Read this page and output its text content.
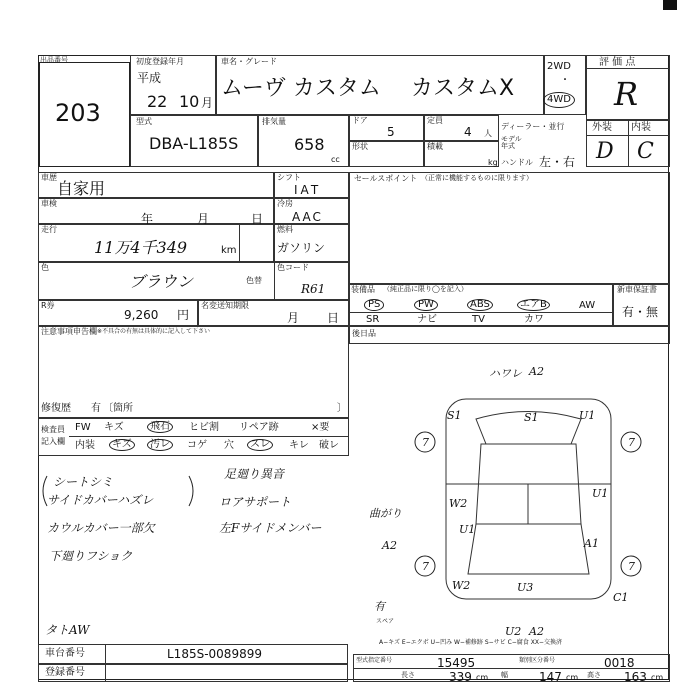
出品番号
203
初度登録年月
平成
22 10 月
車名・グレード
ムーヴ カスタム カスタムX
2WD
・
4WD
評 価 点
R
型式
DBA-L185S
排気量
658
cc
ドア
5
定員
4 人
ディーラー・並行
モデル年式
形状	積載
kg ハンドル 左・右
外装 内装
D C
車歴
自家用
車検
年	月	日
走行
11万4千349	km
色
ブラウン	色替
色コード
R61
R券
9,260 円
名変送知期限
月 日
シフト
IAT
冷房
AAC
燃料
ガソリン
セールスポイント （正常に機能するものに限ります）
装備品 （純正品に限り◯を記入）
PS	PW	ABS	エアB	AW
SR	ナビ	TV	カワ
新車保証書
有・無
後日品
注意事項申告欄 ※不具合の有無は具体的に記入して下さい
修復歴 有 〔箇所	〕
検査員
記入欄
FW キズ	飛石	ヒビ割 リペア跡	×要
内装	キズ	汚レ	コゲ 穴	スレ	キレ 破レ
シートシミ
サイドカバーハズレ
カウルカバー一部欠
下廻りフショク
足廻り異音
ロアサポート
左Fサイドメンバー
曲がり
タトAW
ハワレ A2
S1	S1	U1
7	7
U1
W2
U1
A2	A1
7	7
W2	U3
U2 A2
C1
有
スペア
A−キズ E−エクボ U−凹み W−補修跡 S−サビ C−腐食 XX−交換済
車台番号	L185S-0089899
登録番号
型式指定番号	15495	類別区分番号	0018
長さ	339 cm 幅	147 cm 高さ 163 cm
